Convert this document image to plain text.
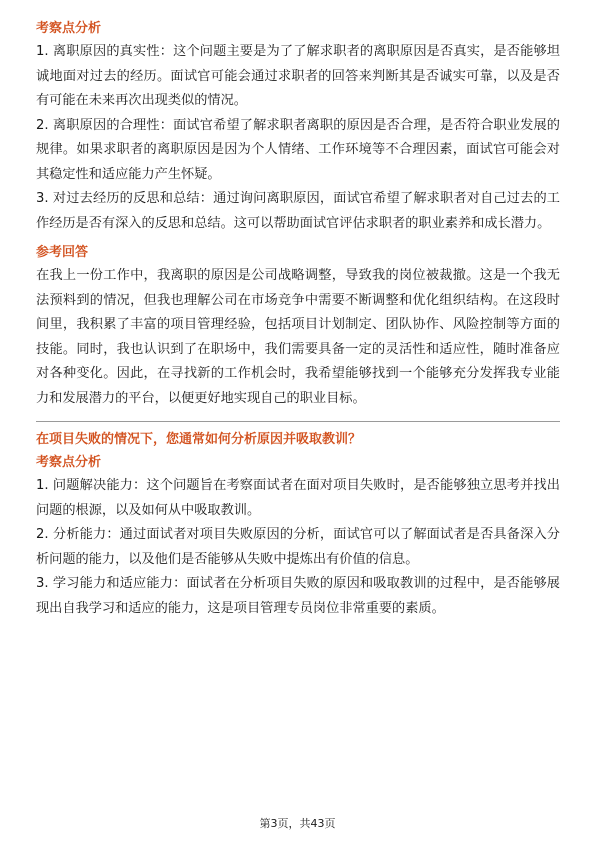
考察点分析

1. 离职原因的真实性：这个问题主要是为了了解求职者的离职原因是否真实，是否能够坦诚地面对过去的经历。面试官可能会通过求职者的回答来判断其是否诚实可靠，以及是否有可能在未来再次出现类似的情况。

2. 离职原因的合理性：面试官希望了解求职者离职的原因是否合理，是否符合职业发展的规律。如果求职者的离职原因是因为个人情绪、工作环境等不合理因素，面试官可能会对其稳定性和适应能力产生怀疑。

3. 对过去经历的反思和总结：通过询问离职原因，面试官希望了解求职者对自己过去的工作经历是否有深入的反思和总结。这可以帮助面试官评估求职者的职业素养和成长潜力。

参考回答

在我上一份工作中，我离职的原因是公司战略调整，导致我的岗位被裁撤。这是一个我无法预料到的情况，但我也理解公司在市场竞争中需要不断调整和优化组织结构。在这段时间里，我积累了丰富的项目管理经验，包括项目计划制定、团队协作、风险控制等方面的技能。同时，我也认识到了在职场中，我们需要具备一定的灵活性和适应性，随时准备应对各种变化。因此，在寻找新的工作机会时，我希望能够找到一个能够充分发挥我专业能力和发展潜力的平台，以便更好地实现自己的职业目标。

在项目失败的情况下，您通常如何分析原因并吸取教训？
考察点分析

1. 问题解决能力：这个问题旨在考察面试者在面对项目失败时，是否能够独立思考并找出问题的根源，以及如何从中吸取教训。

2. 分析能力：通过面试者对项目失败原因的分析，面试官可以了解面试者是否具备深入分析问题的能力，以及他们是否能够从失败中提炼出有价值的信息。

3. 学习能力和适应能力：面试者在分析项目失败的原因和吸取教训的过程中，是否能够展现出自我学习和适应的能力，这是项目管理专员岗位非常重要的素质。

第3页，共43页
